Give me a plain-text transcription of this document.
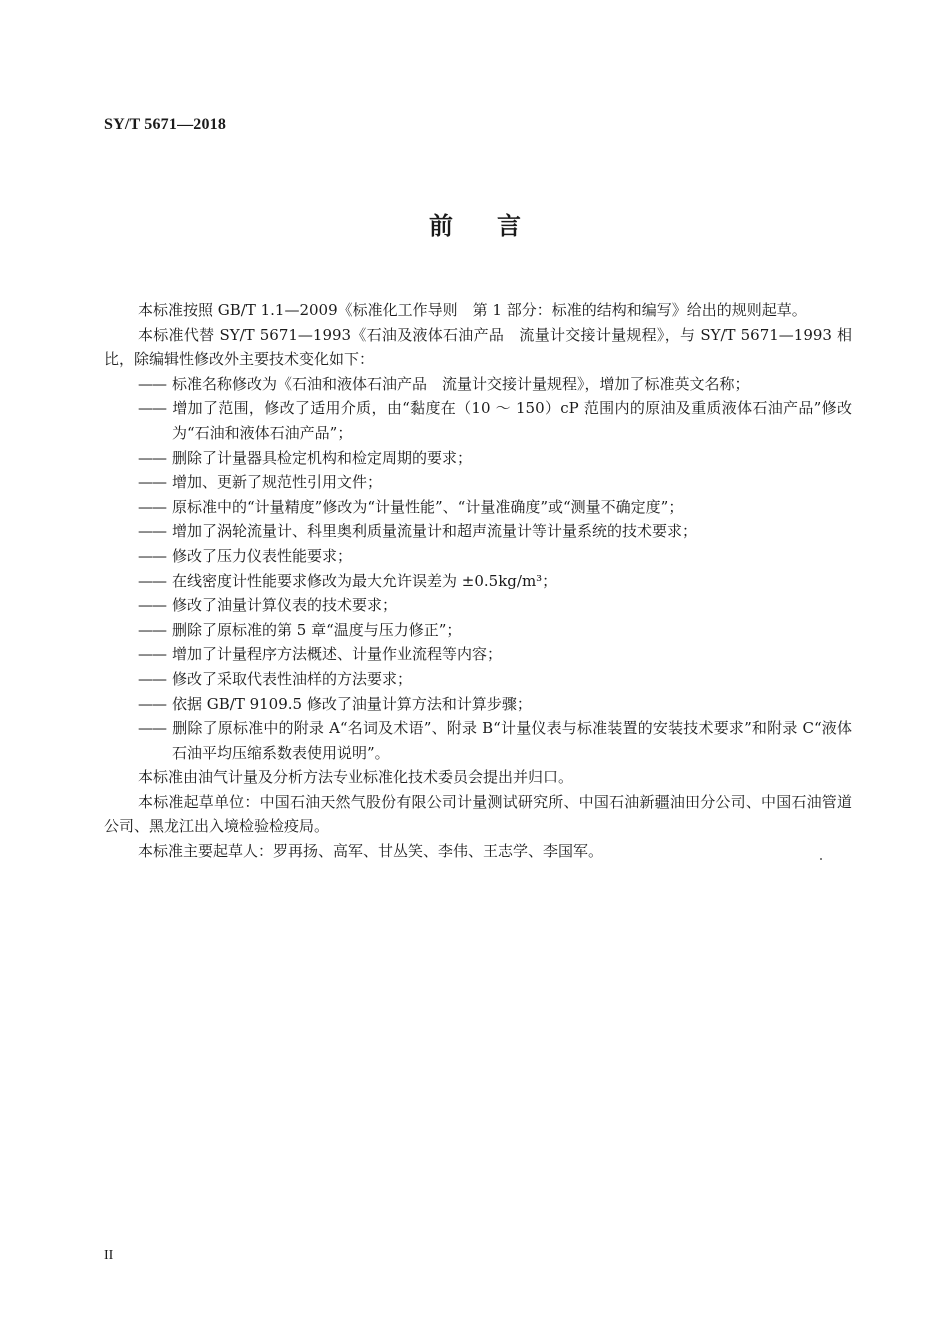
SY/T 5671—2018
前 言

本标准按照 GB/T 1.1—2009《标准化工作导则　第 1 部分：标准的结构和编写》给出的规则起草。

本标准代替 SY/T 5671—1993《石油及液体石油产品　流量计交接计量规程》，与 SY/T 5671—1993 相比，除编辑性修改外主要技术变化如下：

—— 标准名称修改为《石油和液体石油产品　流量计交接计量规程》，增加了标准英文名称；

—— 增加了范围，修改了适用介质，由“黏度在（10 ～ 150）cP 范围内的原油及重质液体石油产品”修改为“石油和液体石油产品”；

—— 删除了计量器具检定机构和检定周期的要求；

—— 增加、更新了规范性引用文件；

—— 原标准中的“计量精度”修改为“计量性能”、“计量准确度”或“测量不确定度”；

—— 增加了涡轮流量计、科里奥利质量流量计和超声流量计等计量系统的技术要求；

—— 修改了压力仪表性能要求；

—— 在线密度计性能要求修改为最大允许误差为 ±0.5kg/m³；

—— 修改了油量计算仪表的技术要求；

—— 删除了原标准的第 5 章“温度与压力修正”；

—— 增加了计量程序方法概述、计量作业流程等内容；

—— 修改了采取代表性油样的方法要求；

—— 依据 GB/T 9109.5 修改了油量计算方法和计算步骤；

—— 删除了原标准中的附录 A“名词及术语”、附录 B“计量仪表与标准装置的安装技术要求”和附录 C“液体石油平均压缩系数表使用说明”。

本标准由油气计量及分析方法专业标准化技术委员会提出并归口。

本标准起草单位：中国石油天然气股份有限公司计量测试研究所、中国石油新疆油田分公司、中国石油管道公司、黑龙江出入境检验检疫局。

本标准主要起草人：罗再扬、高军、甘丛笑、李伟、王志学、李国军。

II
